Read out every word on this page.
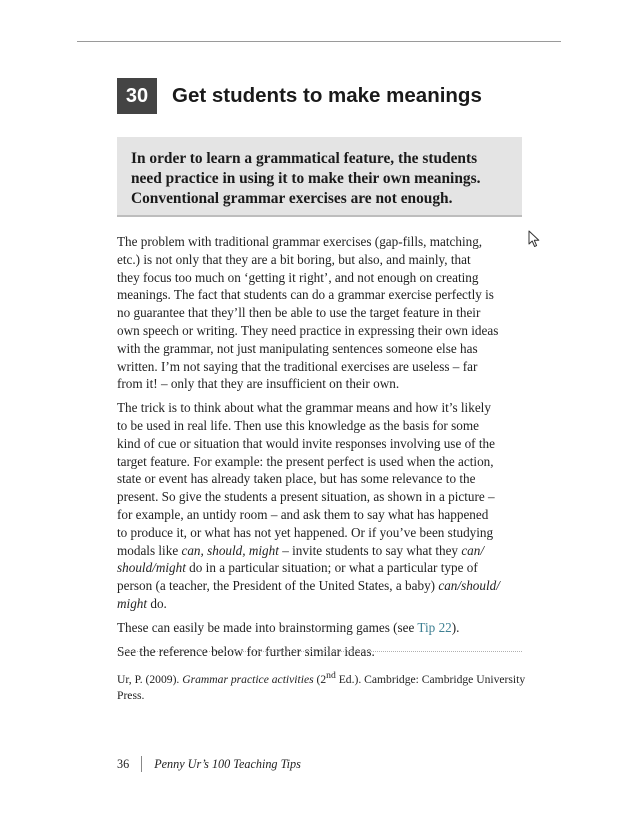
30	Get students to make meanings
In order to learn a grammatical feature, the students
need practice in using it to make their own meanings.
Conventional grammar exercises are not enough.

The problem with traditional grammar exercises (gap-fills, matching,
etc.) is not only that they are a bit boring, but also, and mainly, that
they focus too much on ‘getting it right’, and not enough on creating
meanings. The fact that students can do a grammar exercise perfectly is
no guarantee that they’ll then be able to use the target feature in their
own speech or writing. They need practice in expressing their own ideas
with the grammar, not just manipulating sentences someone else has
written. I’m not saying that the traditional exercises are useless – far
from it! – only that they are insufficient on their own.

The trick is to think about what the grammar means and how it’s likely
to be used in real life. Then use this knowledge as the basis for some
kind of cue or situation that would invite responses involving use of the
target feature. For example: the present perfect is used when the action,
state or event has already taken place, but has some relevance to the
present. So give the students a present situation, as shown in a picture –
for example, an untidy room – and ask them to say what has happened
to produce it, or what has not yet happened. Or if you’ve been studying
modals like can, should, might – invite students to say what they can/
should/might do in a particular situation; or what a particular type of
person (a teacher, the President of the United States, a baby) can/should/
might do.

These can easily be made into brainstorming games (see Tip 22).

See the reference below for further similar ideas.

Ur, P. (2009). Grammar practice activities (2nd Ed.). Cambridge: Cambridge University
Press.
36 Penny Ur’s 100 Teaching Tips
